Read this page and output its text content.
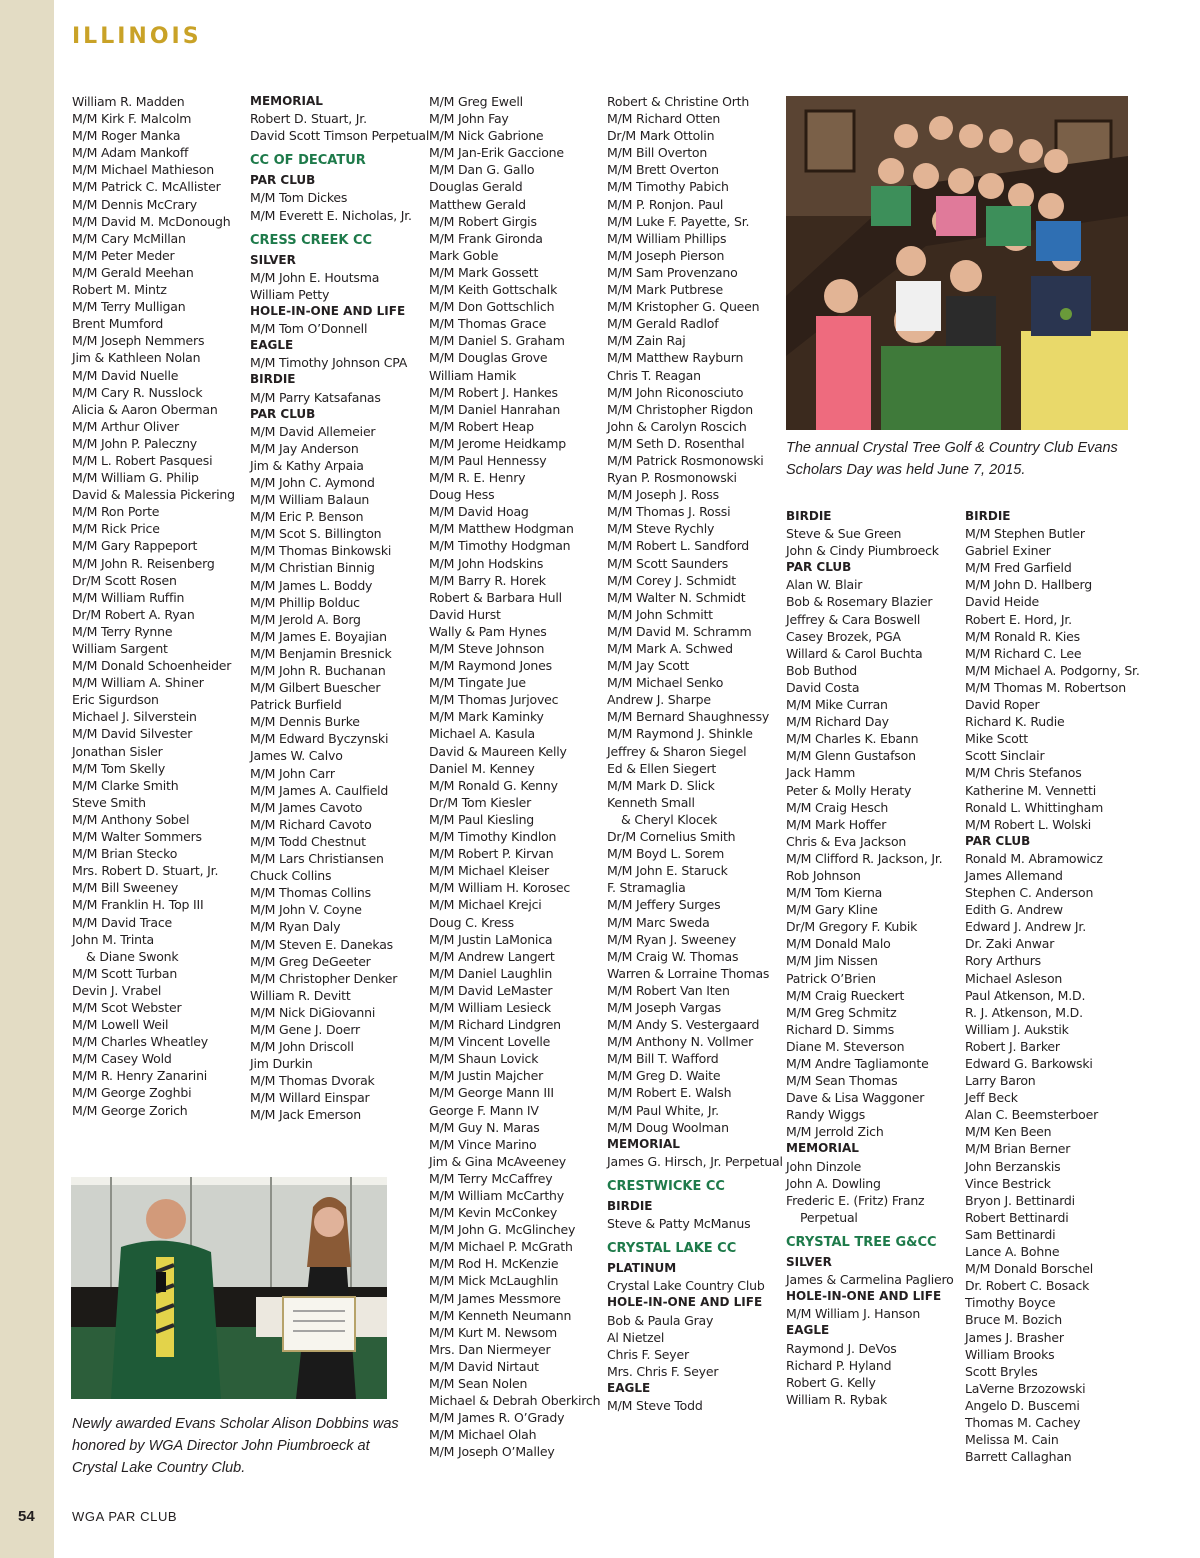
ILLINOIS
William R. Madden
M/M Kirk F. Malcolm
M/M Roger Manka
M/M Adam Mankoff
M/M Michael Mathieson
M/M Patrick C. McAllister
M/M Dennis McCrary
M/M David M. McDonough
M/M Cary McMillan
M/M Peter Meder
M/M Gerald Meehan
Robert M. Mintz
M/M Terry Mulligan
Brent Mumford
M/M Joseph Nemmers
Jim & Kathleen Nolan
M/M David Nuelle
M/M Cary R. Nusslock
Alicia & Aaron Oberman
M/M Arthur Oliver
M/M John P. Paleczny
M/M L. Robert Pasquesi
M/M William G. Philip
David & Malessia Pickering
M/M Ron Porte
M/M Rick Price
M/M Gary Rappeport
M/M John R. Reisenberg
Dr/M Scott Rosen
M/M William Ruffin
Dr/M Robert A. Ryan
M/M Terry Rynne
William Sargent
M/M Donald Schoenheider
M/M William A. Shiner
Eric Sigurdson
Michael J. Silverstein
M/M David Silvester
Jonathan Sisler
M/M Tom Skelly
M/M Clarke Smith
Steve Smith
M/M Anthony Sobel
M/M Walter Sommers
M/M Brian Stecko
Mrs. Robert D. Stuart, Jr.
M/M Bill Sweeney
M/M Franklin H. Top III
M/M David Trace
John M. Trinta
& Diane Swonk
M/M Scott Turban
Devin J. Vrabel
M/M Scot Webster
M/M Lowell Weil
M/M Charles Wheatley
M/M Casey Wold
M/M R. Henry Zanarini
M/M George Zoghbi
M/M George Zorich
MEMORIAL
Robert D. Stuart, Jr.
David Scott Timson Perpetual
CC OF DECATUR
PAR CLUB
M/M Tom Dickes
M/M Everett E. Nicholas, Jr.
CRESS CREEK CC
SILVER
M/M John E. Houtsma
William Petty
HOLE-IN-ONE AND LIFE
M/M Tom O’Donnell
EAGLE
M/M Timothy Johnson CPA
BIRDIE
M/M Parry Katsafanas
PAR CLUB
M/M David Allemeier
M/M Jay Anderson
Jim & Kathy Arpaia
M/M John C. Aymond
M/M William Balaun
M/M Eric P. Benson
M/M Scot S. Billington
M/M Thomas Binkowski
M/M Christian Binnig
M/M James L. Boddy
M/M Phillip Bolduc
M/M Jerold A. Borg
M/M James E. Boyajian
M/M Benjamin Bresnick
M/M John R. Buchanan
M/M Gilbert Buescher
Patrick Burfield
M/M Dennis Burke
M/M Edward Byczynski
James W. Calvo
M/M John Carr
M/M James A. Caulfield
M/M James Cavoto
M/M Richard Cavoto
M/M Todd Chestnut
M/M Lars Christiansen
Chuck Collins
M/M Thomas Collins
M/M John V. Coyne
M/M Ryan Daly
M/M Steven E. Danekas
M/M Greg DeGeeter
M/M Christopher Denker
William R. Devitt
M/M Nick DiGiovanni
M/M Gene J. Doerr
M/M John Driscoll
Jim Durkin
M/M Thomas Dvorak
M/M Willard Einspar
M/M Jack Emerson
M/M Greg Ewell
M/M John Fay
M/M Nick Gabrione
M/M Jan-Erik Gaccione
M/M Dan G. Gallo
Douglas Gerald
Matthew Gerald
M/M Robert Girgis
M/M Frank Gironda
Mark Goble
M/M Mark Gossett
M/M Keith Gottschalk
M/M Don Gottschlich
M/M Thomas Grace
M/M Daniel S. Graham
M/M Douglas Grove
William Hamik
M/M Robert J. Hankes
M/M Daniel Hanrahan
M/M Robert Heap
M/M Jerome Heidkamp
M/M Paul Hennessy
M/M R. E. Henry
Doug Hess
M/M David Hoag
M/M Matthew Hodgman
M/M Timothy Hodgman
M/M John Hodskins
M/M Barry R. Horek
Robert & Barbara Hull
David Hurst
Wally & Pam Hynes
M/M Steve Johnson
M/M Raymond Jones
M/M Tingate Jue
M/M Thomas Jurjovec
M/M Mark Kaminky
Michael A. Kasula
David & Maureen Kelly
Daniel M. Kenney
M/M Ronald G. Kenny
Dr/M Tom Kiesler
M/M Paul Kiesling
M/M Timothy Kindlon
M/M Robert P. Kirvan
M/M Michael Kleiser
M/M William H. Korosec
M/M Michael Krejci
Doug C. Kress
M/M Justin LaMonica
M/M Andrew Langert
M/M Daniel Laughlin
M/M David LeMaster
M/M William Lesieck
M/M Richard Lindgren
M/M Vincent Lovelle
M/M Shaun Lovick
M/M Justin Majcher
M/M George Mann III
George F. Mann IV
M/M Guy N. Maras
M/M Vince Marino
Jim & Gina McAveeney
M/M Terry McCaffrey
M/M William McCarthy
M/M Kevin McConkey
M/M John G. McGlinchey
M/M Michael P. McGrath
M/M Rod H. McKenzie
M/M Mick McLaughlin
M/M James Messmore
M/M Kenneth Neumann
M/M Kurt M. Newsom
Mrs. Dan Niermeyer
M/M David Nirtaut
M/M Sean Nolen
Michael & Debrah Oberkirch
M/M James R. O’Grady
M/M Michael Olah
M/M Joseph O’Malley
Robert & Christine Orth
M/M Richard Otten
Dr/M Mark Ottolin
M/M Bill Overton
M/M Brett Overton
M/M Timothy Pabich
M/M P. Ronjon. Paul
M/M Luke F. Payette, Sr.
M/M William Phillips
M/M Joseph Pierson
M/M Sam Provenzano
M/M Mark Putbrese
M/M Kristopher G. Queen
M/M Gerald Radlof
M/M Zain Raj
M/M Matthew Rayburn
Chris T. Reagan
M/M John Riconosciuto
M/M Christopher Rigdon
John & Carolyn Roscich
M/M Seth D. Rosenthal
M/M Patrick Rosmonowski
Ryan P. Rosmonowski
M/M Joseph J. Ross
M/M Thomas J. Rossi
M/M Steve Rychly
M/M Robert L. Sandford
M/M Scott Saunders
M/M Corey J. Schmidt
M/M Walter N. Schmidt
M/M John Schmitt
M/M David M. Schramm
M/M Mark A. Schwed
M/M Jay Scott
M/M Michael Senko
Andrew J. Sharpe
M/M Bernard Shaughnessy
M/M Raymond J. Shinkle
Jeffrey & Sharon Siegel
Ed & Ellen Siegert
M/M Mark D. Slick
Kenneth Small
& Cheryl Klocek
Dr/M Cornelius Smith
M/M Boyd L. Sorem
M/M John E. Staruck
F. Stramaglia
M/M Jeffery Surges
M/M Marc Sweda
M/M Ryan J. Sweeney
M/M Craig W. Thomas
Warren & Lorraine Thomas
M/M Robert Van Iten
M/M Joseph Vargas
M/M Andy S. Vestergaard
M/M Anthony N. Vollmer
M/M Bill T. Wafford
M/M Greg D. Waite
M/M Robert E. Walsh
M/M Paul White, Jr.
M/M Doug Woolman
MEMORIAL
James G. Hirsch, Jr. Perpetual
CRESTWICKE CC
BIRDIE
Steve & Patty McManus
CRYSTAL LAKE CC
PLATINUM
Crystal Lake Country Club
HOLE-IN-ONE AND LIFE
Bob & Paula Gray
Al Nietzel
Chris F. Seyer
Mrs. Chris F. Seyer
EAGLE
M/M Steve Todd
BIRDIE
Steve & Sue Green
John & Cindy Piumbroeck
PAR CLUB
Alan W. Blair
Bob & Rosemary Blazier
Jeffrey & Cara Boswell
Casey Brozek, PGA
Willard & Carol Buchta
Bob Buthod
David Costa
M/M Mike Curran
M/M Richard Day
M/M Charles K. Ebann
M/M Glenn Gustafson
Jack Hamm
Peter & Molly Heraty
M/M Craig Hesch
M/M Mark Hoffer
Chris & Eva Jackson
M/M Clifford R. Jackson, Jr.
Rob Johnson
M/M Tom Kierna
M/M Gary Kline
Dr/M Gregory F. Kubik
M/M Donald Malo
M/M Jim Nissen
Patrick O’Brien
M/M Craig Rueckert
M/M Greg Schmitz
Richard D. Simms
Diane M. Steverson
M/M Andre Tagliamonte
M/M Sean Thomas
Dave & Lisa Waggoner
Randy Wiggs
M/M Jerrold Zich
MEMORIAL
John Dinzole
John A. Dowling
Frederic E. (Fritz) Franz
Perpetual
CRYSTAL TREE G&CC
SILVER
James & Carmelina Pagliero
HOLE-IN-ONE AND LIFE
M/M William J. Hanson
EAGLE
Raymond J. DeVos
Richard P. Hyland
Robert G. Kelly
William R. Rybak
BIRDIE
M/M Stephen Butler
Gabriel Exiner
M/M Fred Garfield
M/M John D. Hallberg
David Heide
Robert E. Hord, Jr.
M/M Ronald R. Kies
M/M Richard C. Lee
M/M Michael A. Podgorny, Sr.
M/M Thomas M. Robertson
David Roper
Richard K. Rudie
Mike Scott
Scott Sinclair
M/M Chris Stefanos
Katherine M. Vennetti
Ronald L. Whittingham
M/M Robert L. Wolski
PAR CLUB
Ronald M. Abramowicz
James Allemand
Stephen C. Anderson
Edith G. Andrew
Edward J. Andrew Jr.
Dr. Zaki Anwar
Rory Arthurs
Michael Asleson
Paul Atkenson, M.D.
R. J. Atkenson, M.D.
William J. Aukstik
Robert J. Barker
Edward G. Barkowski
Larry Baron
Jeff Beck
Alan C. Beemsterboer
M/M Ken Been
M/M Brian Berner
John Berzanskis
Vince Bestrick
Bryon J. Bettinardi
Robert Bettinardi
Sam Bettinardi
Lance A. Bohne
M/M Donald Borschel
Dr. Robert C. Bosack
Timothy Boyce
Bruce M. Bozich
James J. Brasher
William Brooks
Scott Bryles
LaVerne Brzozowski
Angelo D. Buscemi
Thomas M. Cachey
Melissa M. Cain
Barrett Callaghan
The annual Crystal Tree Golf & Country Club Evans Scholars Day was held June 7, 2015.
Newly awarded Evans Scholar Alison Dobbins was honored by WGA Director John Piumbroeck at Crystal Lake Country Club.
54	WGA PAR CLUB
